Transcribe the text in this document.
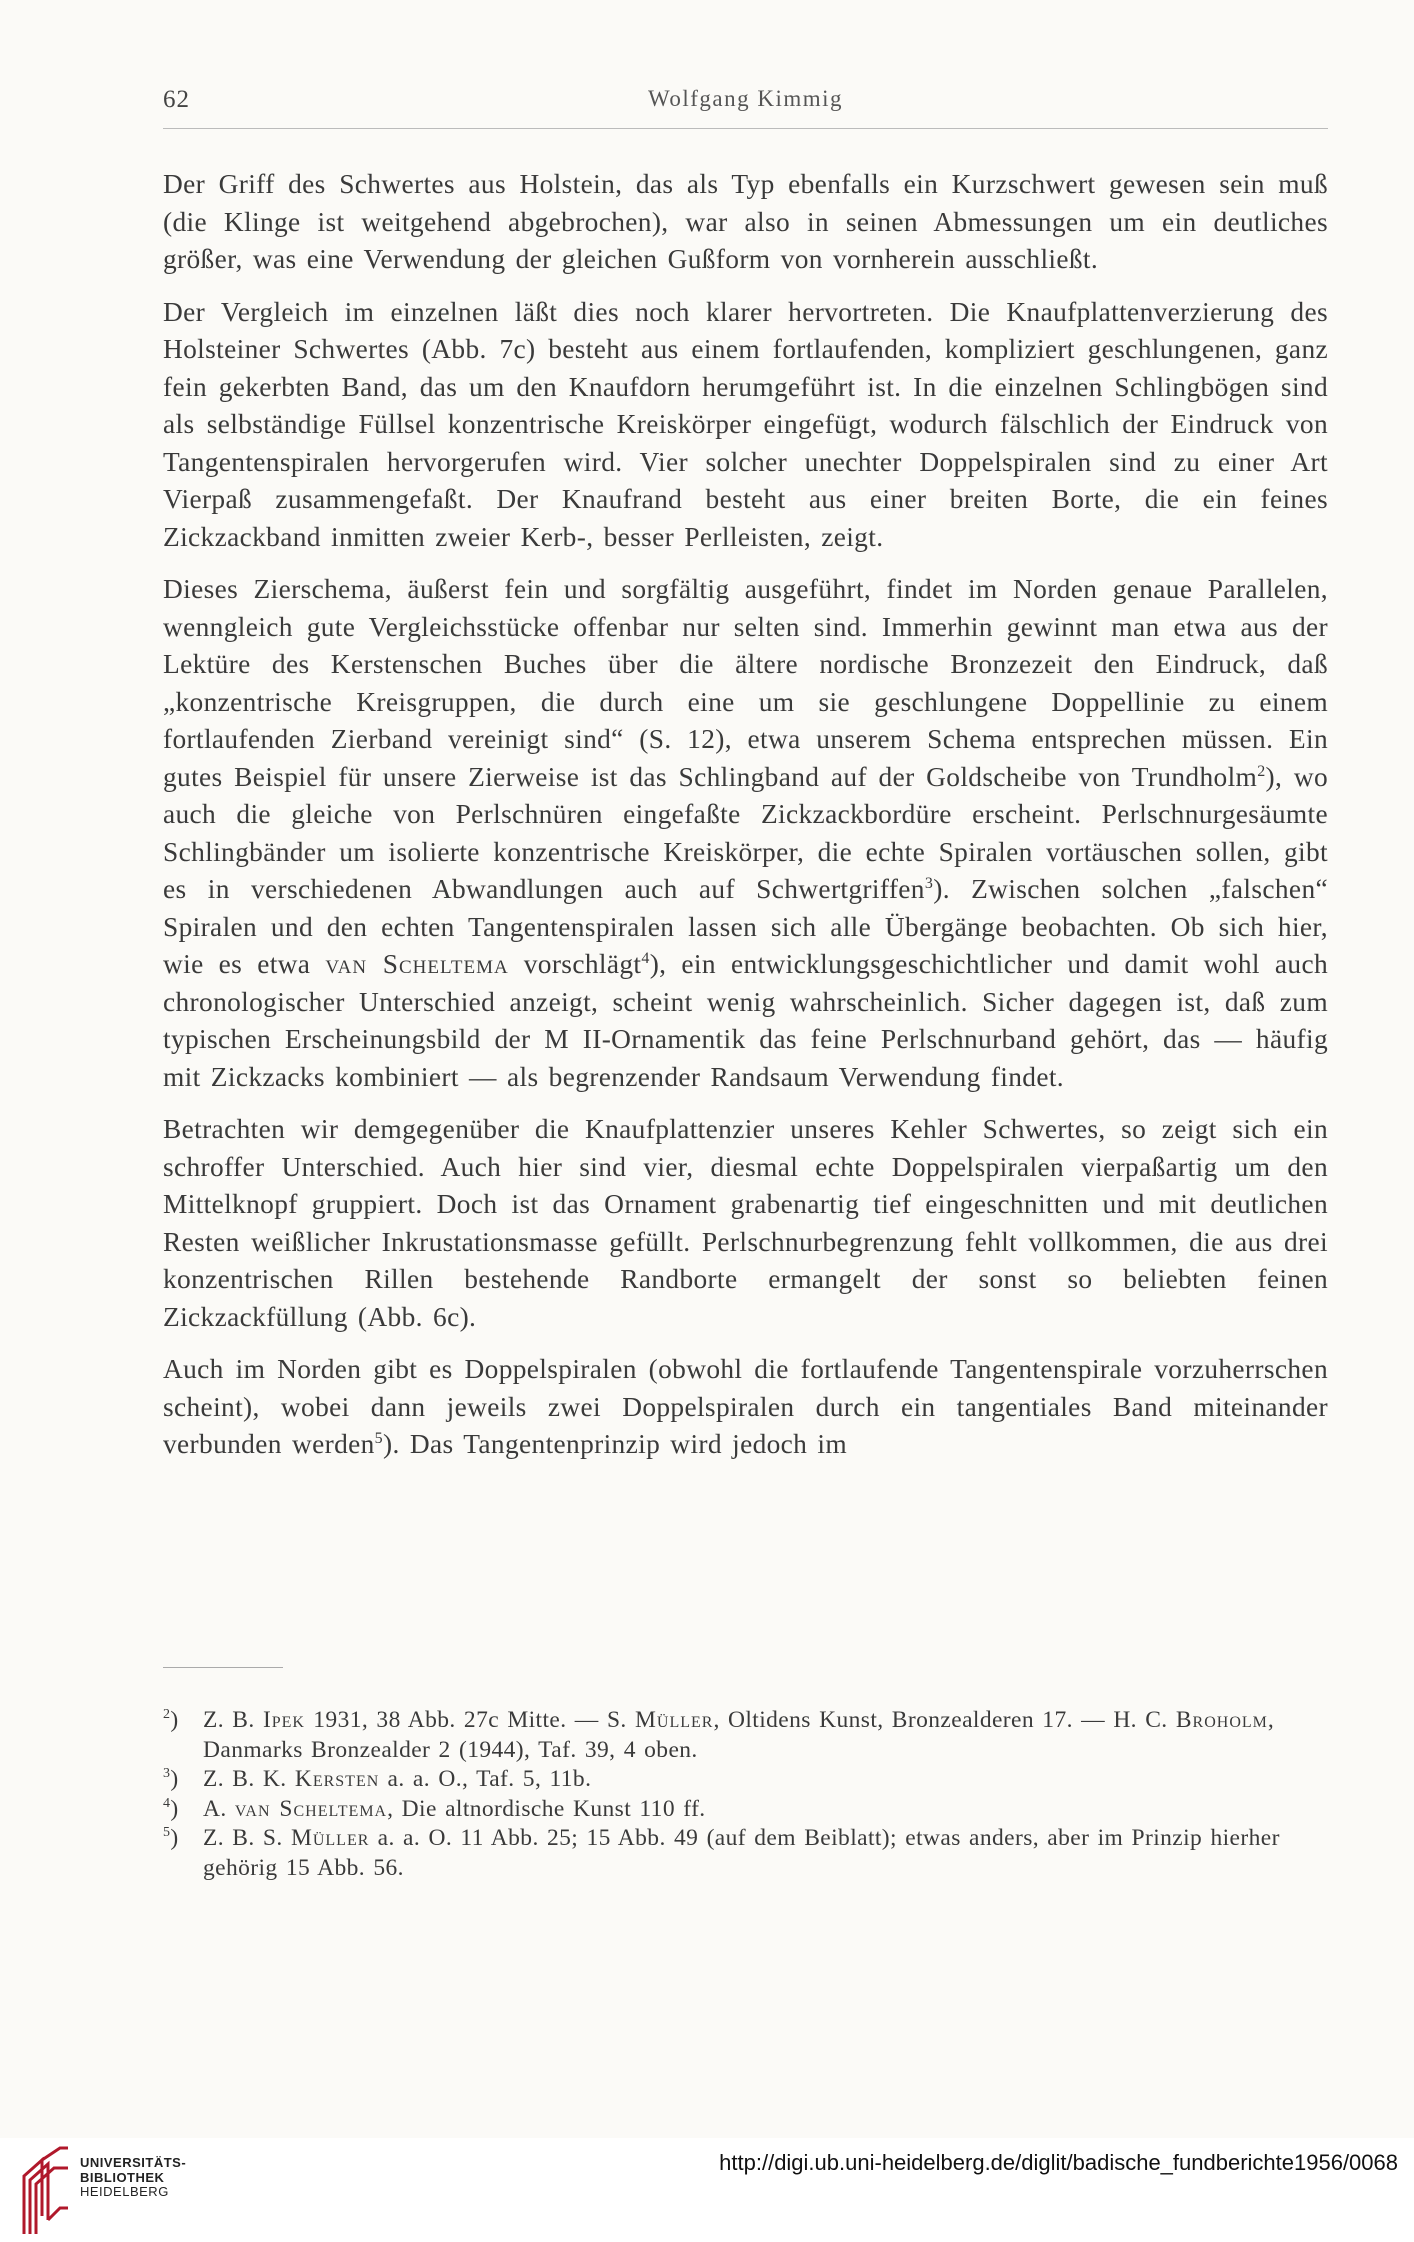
62	Wolfgang Kimmig

Der Griff des Schwertes aus Holstein, das als Typ ebenfalls ein Kurzschwert gewesen sein muß (die Klinge ist weitgehend abgebrochen), war also in seinen Abmessungen um ein deutliches größer, was eine Verwendung der gleichen Gußform von vornherein ausschließt.

Der Vergleich im einzelnen läßt dies noch klarer hervortreten. Die Knaufplattenverzierung des Holsteiner Schwertes (Abb. 7c) besteht aus einem fortlaufenden, kompliziert geschlungenen, ganz fein gekerbten Band, das um den Knaufdorn herumgeführt ist. In die einzelnen Schlingbögen sind als selbständige Füllsel konzentrische Kreiskörper eingefügt, wodurch fälschlich der Eindruck von Tangentenspiralen hervorgerufen wird. Vier solcher unechter Doppelspiralen sind zu einer Art Vierpaß zusammengefaßt. Der Knaufrand besteht aus einer breiten Borte, die ein feines Zickzackband inmitten zweier Kerb-, besser Perlleisten, zeigt.

Dieses Zierschema, äußerst fein und sorgfältig ausgeführt, findet im Norden genaue Parallelen, wenngleich gute Vergleichsstücke offenbar nur selten sind. Immerhin gewinnt man etwa aus der Lektüre des Kerstenschen Buches über die ältere nordische Bronzezeit den Eindruck, daß „konzentrische Kreisgruppen, die durch eine um sie geschlungene Doppellinie zu einem fortlaufenden Zierband vereinigt sind“ (S. 12), etwa unserem Schema entsprechen müssen. Ein gutes Beispiel für unsere Zierweise ist das Schlingband auf der Goldscheibe von Trundholm$^2$), wo auch die gleiche von Perlschnüren eingefaßte Zickzackbordüre erscheint. Perlschnurgesäumte Schlingbänder um isolierte konzentrische Kreiskörper, die echte Spiralen vortäuschen sollen, gibt es in verschiedenen Abwandlungen auch auf Schwertgriffen$^3$). Zwischen solchen „falschen“ Spiralen und den echten Tangentenspiralen lassen sich alle Übergänge beobachten. Ob sich hier, wie es etwa van Scheltema vorschlägt$^4$), ein entwicklungsgeschichtlicher und damit wohl auch chronologischer Unterschied anzeigt, scheint wenig wahrscheinlich. Sicher dagegen ist, daß zum typischen Erscheinungsbild der M II-Ornamentik das feine Perlschnurband gehört, das — häufig mit Zickzacks kombiniert — als begrenzender Randsaum Verwendung findet.

Betrachten wir demgegenüber die Knaufplattenzier unseres Kehler Schwertes, so zeigt sich ein schroffer Unterschied. Auch hier sind vier, diesmal echte Doppelspiralen vierpaßartig um den Mittelknopf gruppiert. Doch ist das Ornament grabenartig tief eingeschnitten und mit deutlichen Resten weißlicher Inkrustationsmasse gefüllt. Perlschnurbegrenzung fehlt vollkommen, die aus drei konzentrischen Rillen bestehende Randborte ermangelt der sonst so beliebten feinen Zickzackfüllung (Abb. 6c).

Auch im Norden gibt es Doppelspiralen (obwohl die fortlaufende Tangentenspirale vorzuherrschen scheint), wobei dann jeweils zwei Doppelspiralen durch ein tangentiales Band miteinander verbunden werden$^5$). Das Tangentenprinzip wird jedoch im

$^2$) Z. B. Ipek 1931, 38 Abb. 27c Mitte. — S. Müller, Oltidens Kunst, Bronzealderen 17. — H. C. Broholm, Danmarks Bronzealder 2 (1944), Taf. 39, 4 oben.

$^3$) Z. B. K. Kersten a. a. O., Taf. 5, 11b.

$^4$) A. van Scheltema, Die altnordische Kunst 110 ff.

$^5$) Z. B. S. Müller a. a. O. 11 Abb. 25; 15 Abb. 49 (auf dem Beiblatt); etwas anders, aber im Prinzip hierher gehörig 15 Abb. 56.

UNIVERSITÄTS-
BIBLIOTHEK
HEIDELBERG
http://digi.ub.uni-heidelberg.de/diglit/badische_fundberichte1956/0068
